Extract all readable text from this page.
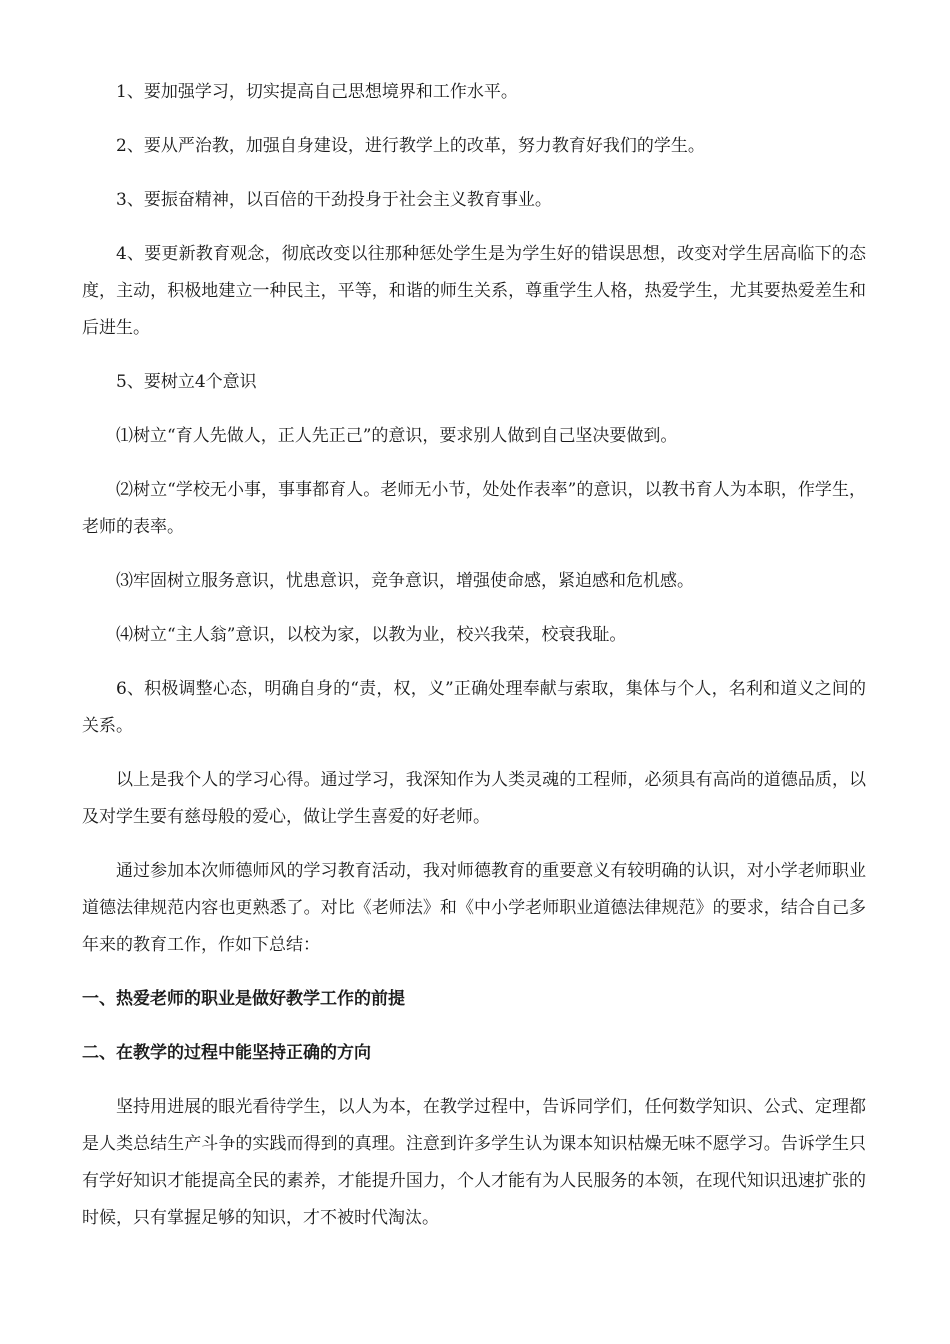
1、要加强学习，切实提高自己思想境界和工作水平。

2、要从严治教，加强自身建设，进行教学上的改革，努力教育好我们的学生。

3、要振奋精神，以百倍的干劲投身于社会主义教育事业。

4、要更新教育观念，彻底改变以往那种惩处学生是为学生好的错误思想，改变对学生居高临下的态度，主动，积极地建立一种民主，平等，和谐的师生关系，尊重学生人格，热爱学生，尤其要热爱差生和后进生。

5、要树立4个意识

⑴树立“育人先做人，正人先正己”的意识，要求别人做到自己坚决要做到。

⑵树立“学校无小事，事事都育人。老师无小节，处处作表率”的意识，以教书育人为本职，作学生，老师的表率。

⑶牢固树立服务意识，忧患意识，竞争意识，增强使命感，紧迫感和危机感。

⑷树立“主人翁”意识，以校为家，以教为业，校兴我荣，校衰我耻。

6、积极调整心态，明确自身的“责，权，义”正确处理奉献与索取，集体与个人，名利和道义之间的关系。

以上是我个人的学习心得。通过学习，我深知作为人类灵魂的工程师，必须具有高尚的道德品质，以及对学生要有慈母般的爱心，做让学生喜爱的好老师。

通过参加本次师德师风的学习教育活动，我对师德教育的重要意义有较明确的认识，对小学老师职业道德法律规范内容也更熟悉了。对比《老师法》和《中小学老师职业道德法律规范》的要求，结合自己多年来的教育工作，作如下总结：

一、热爱老师的职业是做好教学工作的前提

二、在教学的过程中能坚持正确的方向

坚持用进展的眼光看待学生，以人为本，在教学过程中，告诉同学们，任何数学知识、公式、定理都是人类总结生产斗争的实践而得到的真理。注意到许多学生认为课本知识枯燥无味不愿学习。告诉学生只有学好知识才能提高全民的素养，才能提升国力，个人才能有为人民服务的本领，在现代知识迅速扩张的时候，只有掌握足够的知识，才不被时代淘汰。
